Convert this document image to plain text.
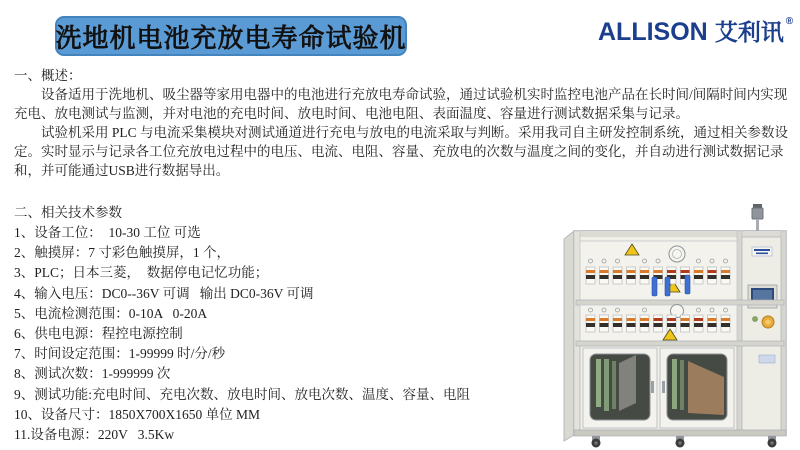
洗地机电池充放电寿命试验机	ALLISON 艾利讯 ®
一、概述：

设备适用于洗地机、吸尘器等家用电器中的电池进行充放电寿命试验，通过试验机实时监控电池产品在长时间/间隔时间内实现充电、放电测试与监测，并对电池的充电时间、放电时间、电池电阻、表面温度、容量进行测试数据采集与记录。

试验机采用 PLC 与电流采集模块对测试通道进行充电与放电的电流采取与判断。采用我司自主研发控制系统，通过相关参数设定。实时显示与记录各工位充放电过程中的电压、电流、电阻、容量、充放电的次数与温度之间的变化，并自动进行测试数据记录和，并可能通过USB进行数据导出。

二、相关技术参数
1、设备工位：  10-30 工位 可选
2、触摸屏：7 寸彩色触摸屏，1 个，
3、PLC；日本三菱，  数据停电记忆功能；
4、输入电压：DC0--36V 可调   输出 DC0-36V 可调
5、电流检测范围：0-10A   0-20A
6、供电电源：程控电源控制
7、时间设定范围：1-99999 时/分/秒
8、测试次数：1-999999 次
9、测试功能:充电时间、充电次数、放电时间、放电次数、温度、容量、电阻
10、设备尺寸：1850X700X1650 单位 MM
11.设备电源：220V   3.5Kw
